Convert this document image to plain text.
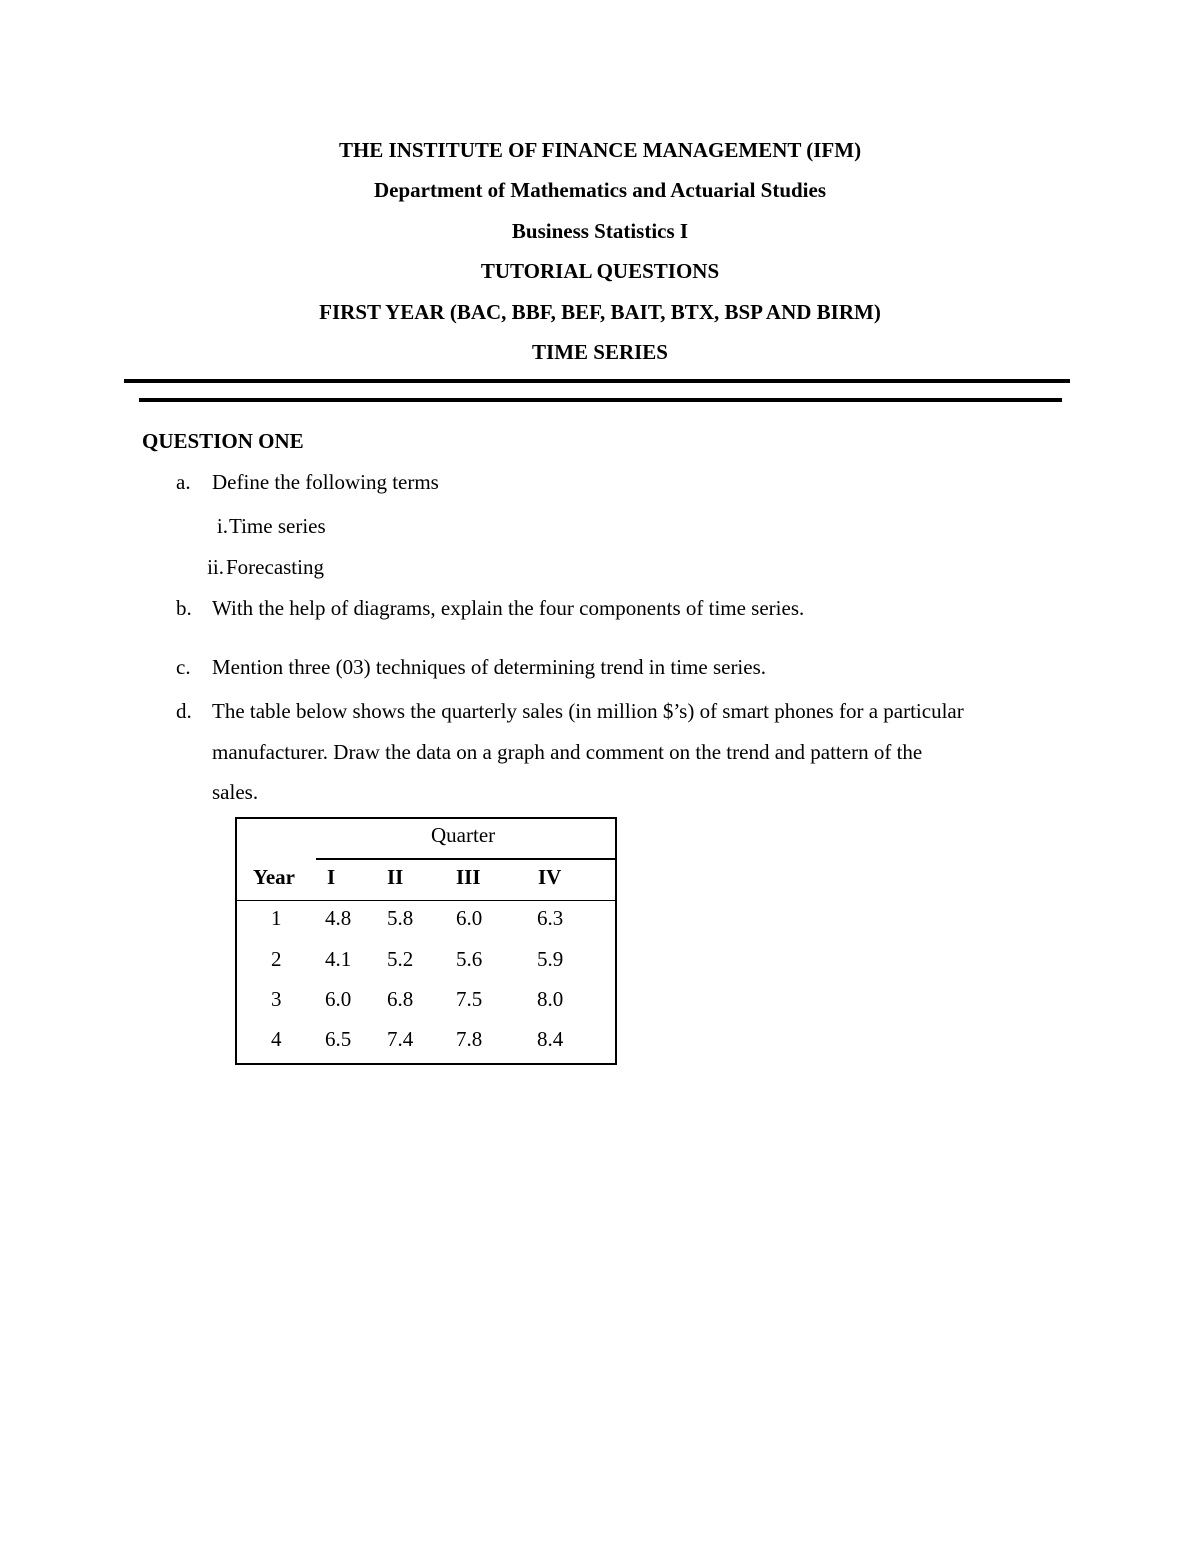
THE INSTITUTE OF FINANCE MANAGEMENT (IFM)
Department of Mathematics and Actuarial Studies
Business Statistics I
TUTORIAL QUESTIONS
FIRST YEAR (BAC, BBF, BEF, BAIT, BTX, BSP AND BIRM)
TIME SERIES
QUESTION ONE
a. Define the following terms
i. Time series
ii. Forecasting
b. With the help of diagrams, explain the four components of time series.
c. Mention three (03) techniques of determining trend in time series.
d. The table below shows the quarterly sales (in million $’s) of smart phones for a particular
manufacturer. Draw the data on a graph and comment on the trend and pattern of the
sales.
Quarter
Year I II	III	IV
1 4.8 5.8 6.0	6.3
2 4.1 5.2 5.6	5.9
3 6.0 6.8 7.5	8.0
4 6.5 7.4 7.8	8.4
